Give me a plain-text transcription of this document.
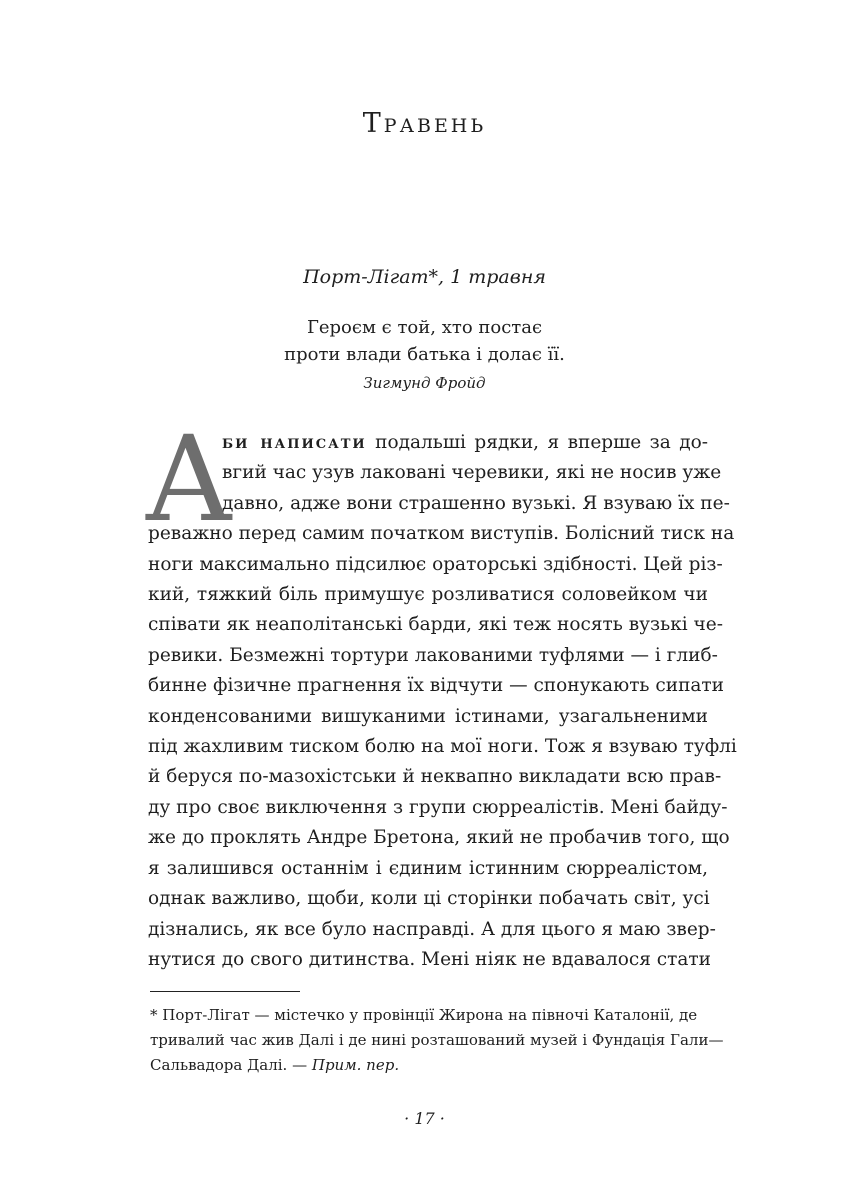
Травень
Порт-Лігат*, 1 травня
Героєм є той, хто постає
проти влади батька і долає її.
Зигмунд Фройд
А
би написати подальші рядки, я вперше за до-
вгий час узув лаковані черевики, які не носив уже
давно, адже вони страшенно вузькі. Я взуваю їх пе-
реважно перед самим початком виступів. Болісний тиск на
ноги максимально підсилює ораторські здібності. Цей різ-
кий, тяжкий біль примушує розливатися соловейком чи
співати як неаполітанські барди, які теж носять вузькі че-
ревики. Безмежні тортури лакованими туфлями — і глиб-
бинне фізичне прагнення їх відчути — спонукають сипати
конденсованими вишуканими істинами, узагальненими
під жахливим тиском болю на мої ноги. Тож я взуваю туфлі
й беруся по-мазохістськи й неквапно викладати всю прав-
ду про своє виключення з групи сюрреалістів. Мені байду-
же до проклять Андре Бретона, який не пробачив того, що
я залишився останнім і єдиним істинним сюрреалістом,
однак важливо, щоби, коли ці сторінки побачать світ, усі
дізнались, як все було насправді. А для цього я маю звер-
нутися до свого дитинства. Мені ніяк не вдавалося стати
* Порт-Лігат — містечко у провінції Жирона на півночі Каталонії, де
тривалий час жив Далі і де нині розташований музей і Фундація Гали—
Сальвадора Далі. — Прим. пер.
· 17 ·
